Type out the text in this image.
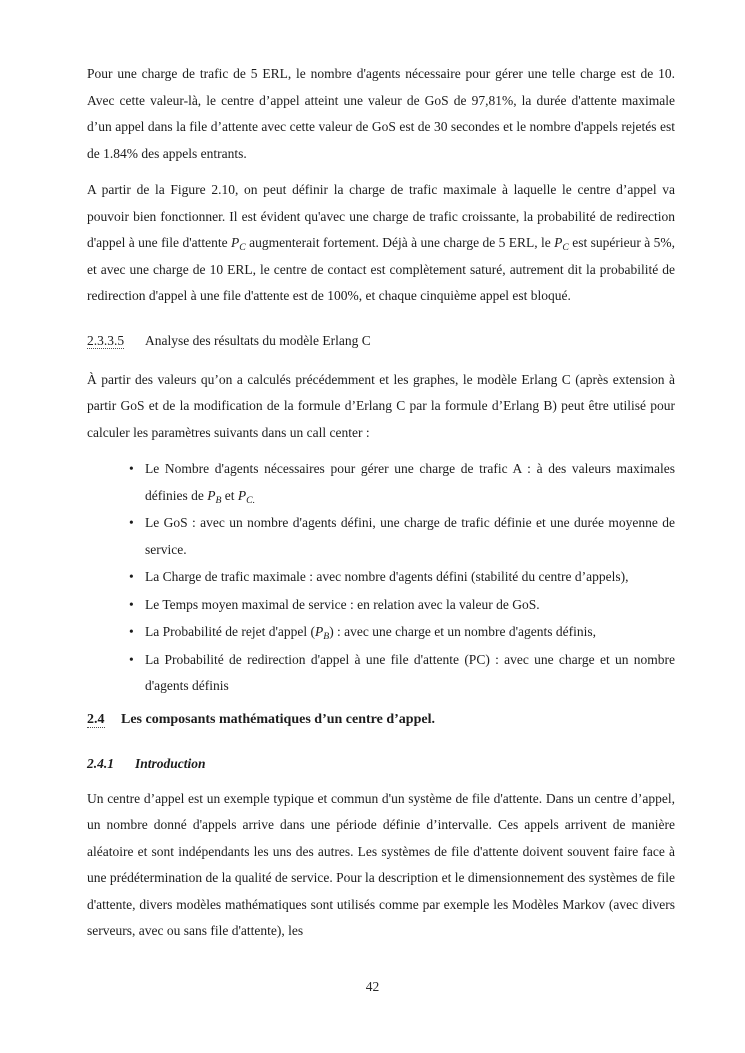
Pour une charge de trafic de 5 ERL, le nombre d'agents nécessaire pour gérer une telle charge est de 10. Avec cette valeur-là, le centre d’appel atteint une valeur de GoS de 97,81%, la durée d'attente maximale d’un appel dans la file d’attente avec cette valeur de GoS est de 30 secondes et le nombre d'appels rejetés est de 1.84% des appels entrants.

A partir de la Figure 2.10, on peut définir la charge de trafic maximale à laquelle le centre d’appel va pouvoir bien fonctionner. Il est évident qu'avec une charge de trafic croissante, la probabilité de redirection d'appel à une file d'attente $P_C$ augmenterait fortement. Déjà à une charge de 5 ERL, le $P_C$ est supérieur à 5%, et avec une charge de 10 ERL, le centre de contact est complètement saturé, autrement dit la probabilité de redirection d'appel à une file d'attente est de 100%, et chaque cinquième appel est bloqué.

2.3.3.5 Analyse des résultats du modèle Erlang C

À partir des valeurs qu’on a calculés précédemment et les graphes, le modèle Erlang C (après extension à partir GoS et de la modification de la formule d’Erlang C par la formule d’Erlang B) peut être utilisé pour calculer les paramètres suivants dans un call center :

• Le Nombre d'agents nécessaires pour gérer une charge de trafic A : à des valeurs maximales définies de $P_B$ et $P_{C.}$
• Le GoS : avec un nombre d'agents défini, une charge de trafic définie et une durée moyenne de service.
• La Charge de trafic maximale : avec nombre d'agents défini (stabilité du centre d’appels),
• Le Temps moyen maximal de service : en relation avec la valeur de GoS.
• La Probabilité de rejet d'appel $(P_B)$ : avec une charge et un nombre d'agents définis,
• La Probabilité de redirection d'appel à une file d'attente (PC) : avec une charge et un nombre d'agents définis
2.4 Les composants mathématiques d’un centre d’appel.
2.4.1 Introduction

Un centre d’appel est un exemple typique et commun d'un système de file d'attente. Dans un centre d’appel, un nombre donné d'appels arrive dans une période définie d’intervalle. Ces appels arrivent de manière aléatoire et sont indépendants les uns des autres. Les systèmes de file d'attente doivent souvent faire face à une prédétermination de la qualité de service. Pour la description et le dimensionnement des systèmes de file d'attente, divers modèles mathématiques sont utilisés comme par exemple les Modèles Markov (avec divers serveurs, avec ou sans file d'attente), les

42
